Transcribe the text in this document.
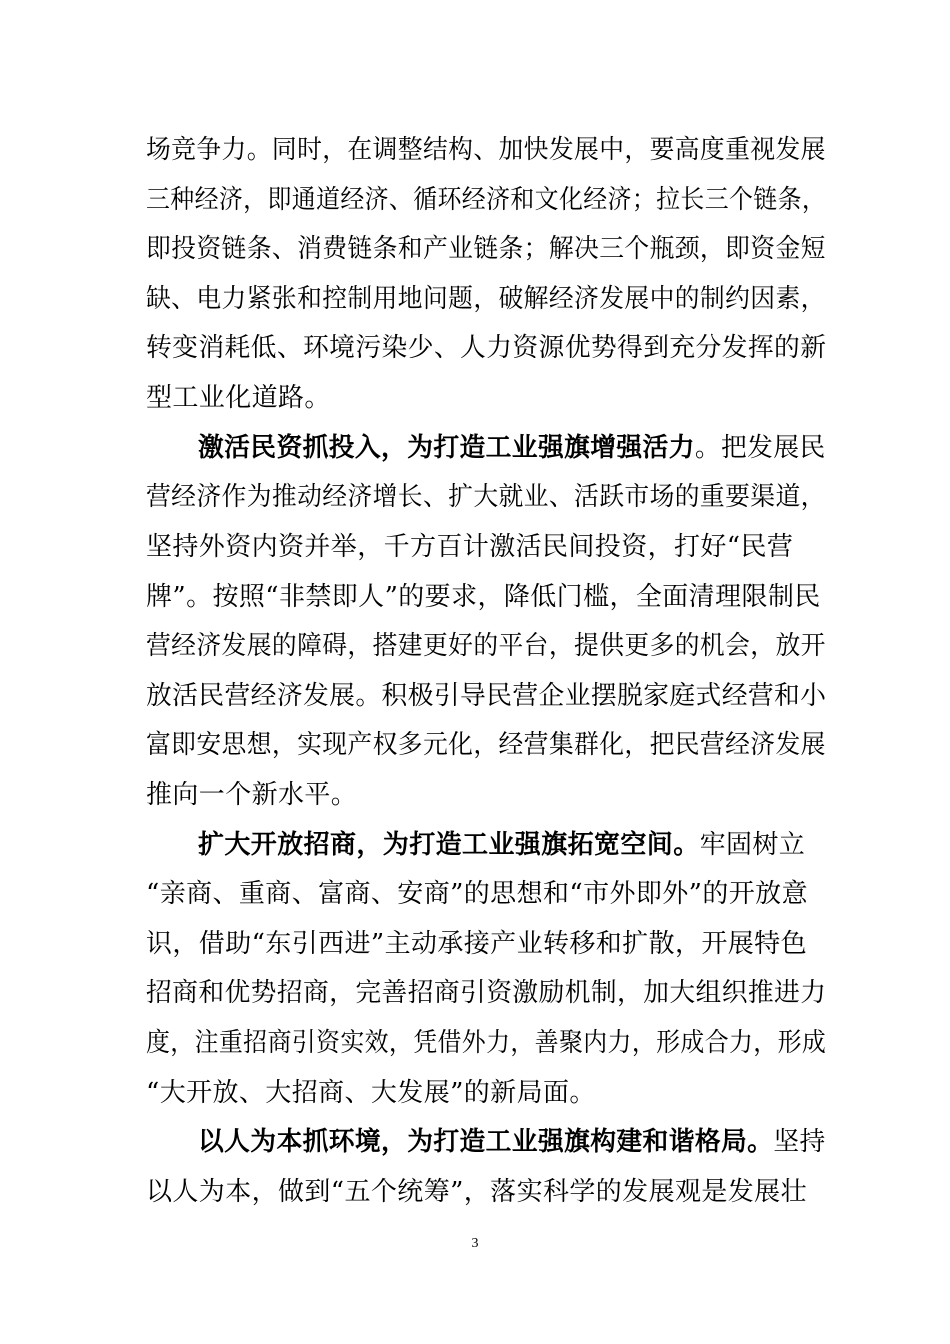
场竞争力。同时，在调整结构、加快发展中，要高度重视发展
三种经济，即通道经济、循环经济和文化经济；拉长三个链条，
即投资链条、消费链条和产业链条；解决三个瓶颈，即资金短
缺、电力紧张和控制用地问题，破解经济发展中的制约因素，
转变消耗低、环境污染少、人力资源优势得到充分发挥的新
型工业化道路。
激活民资抓投入，为打造工业强旗增强活力。把发展民
营经济作为推动经济增长、扩大就业、活跃市场的重要渠道，
坚持外资内资并举，千方百计激活民间投资，打好“民营
牌”。按照“非禁即人”的要求，降低门槛，全面清理限制民
营经济发展的障碍，搭建更好的平台，提供更多的机会，放开
放活民营经济发展。积极引导民营企业摆脱家庭式经营和小
富即安思想，实现产权多元化，经营集群化，把民营经济发展
推向一个新水平。
扩大开放招商，为打造工业强旗拓宽空间。牢固树立
“亲商、重商、富商、安商”的思想和“市外即外”的开放意
识，借助“东引西进”主动承接产业转移和扩散，开展特色
招商和优势招商，完善招商引资激励机制，加大组织推进力
度，注重招商引资实效，凭借外力，善聚内力，形成合力，形成
“大开放、大招商、大发展”的新局面。
以人为本抓环境，为打造工业强旗构建和谐格局。坚持
以人为本，做到“五个统筹”，落实科学的发展观是发展壮
3
